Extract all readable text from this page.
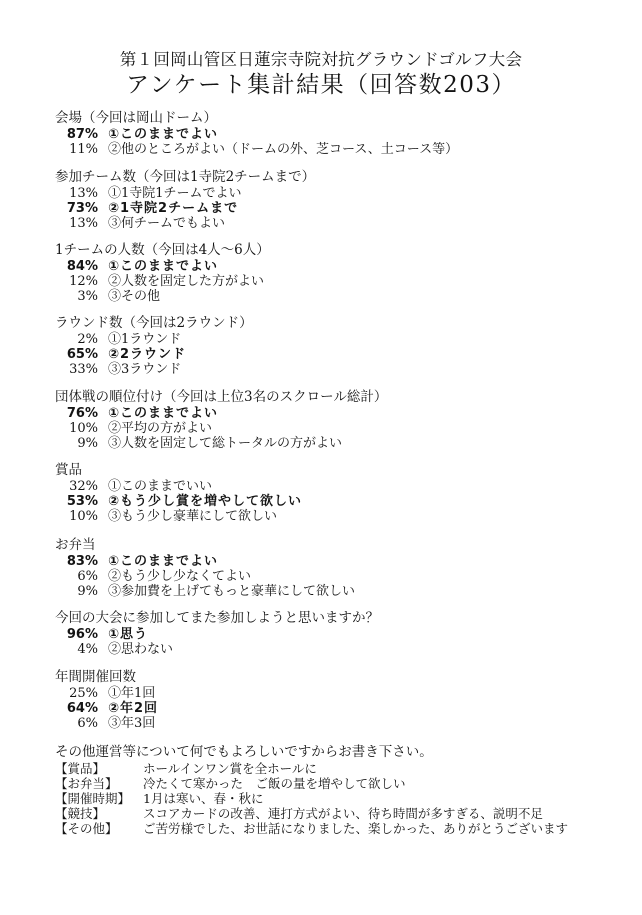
第１回岡山管区日蓮宗寺院対抗グラウンドゴルフ大会
アンケート集計結果（回答数203）
会場（今回は岡山ドーム）
87% ①このままでよい
11% ②他のところがよい（ドームの外、芝コース、土コース等）
参加チーム数（今回は1寺院2チームまで）
13% ①1寺院1チームでよい
73% ②1寺院2チームまで
13% ③何チームでもよい
1チームの人数（今回は4人～6人）
84% ①このままでよい
12% ②人数を固定した方がよい
3% ③その他
ラウンド数（今回は2ラウンド）
2% ①1ラウンド
65% ②2ラウンド
33% ③3ラウンド
団体戦の順位付け（今回は上位3名のスクロール総計）
76% ①このままでよい
10% ②平均の方がよい
9% ③人数を固定して総トータルの方がよい
賞品
32% ①このままでいい
53% ②もう少し賞を増やして欲しい
10% ③もう少し豪華にして欲しい
お弁当
83% ①このままでよい
6% ②もう少し少なくてよい
9% ③参加費を上げてもっと豪華にして欲しい
今回の大会に参加してまた参加しようと思いますか？
96% ①思う
4% ②思わない
年間開催回数
25% ①年1回
64% ②年2回
6% ③年3回
その他運営等について何でもよろしいですからお書き下さい。
【賞品】	ホールインワン賞を全ホールに
【お弁当】 冷たくて寒かった　ご飯の量を増やして欲しい
【開催時期】 1月は寒い、春・秋に
【競技】	スコアカードの改善、連打方式がよい、待ち時間が多すぎる、説明不足
【その他】 ご苦労様でした、お世話になりました、楽しかった、ありがとうございます
